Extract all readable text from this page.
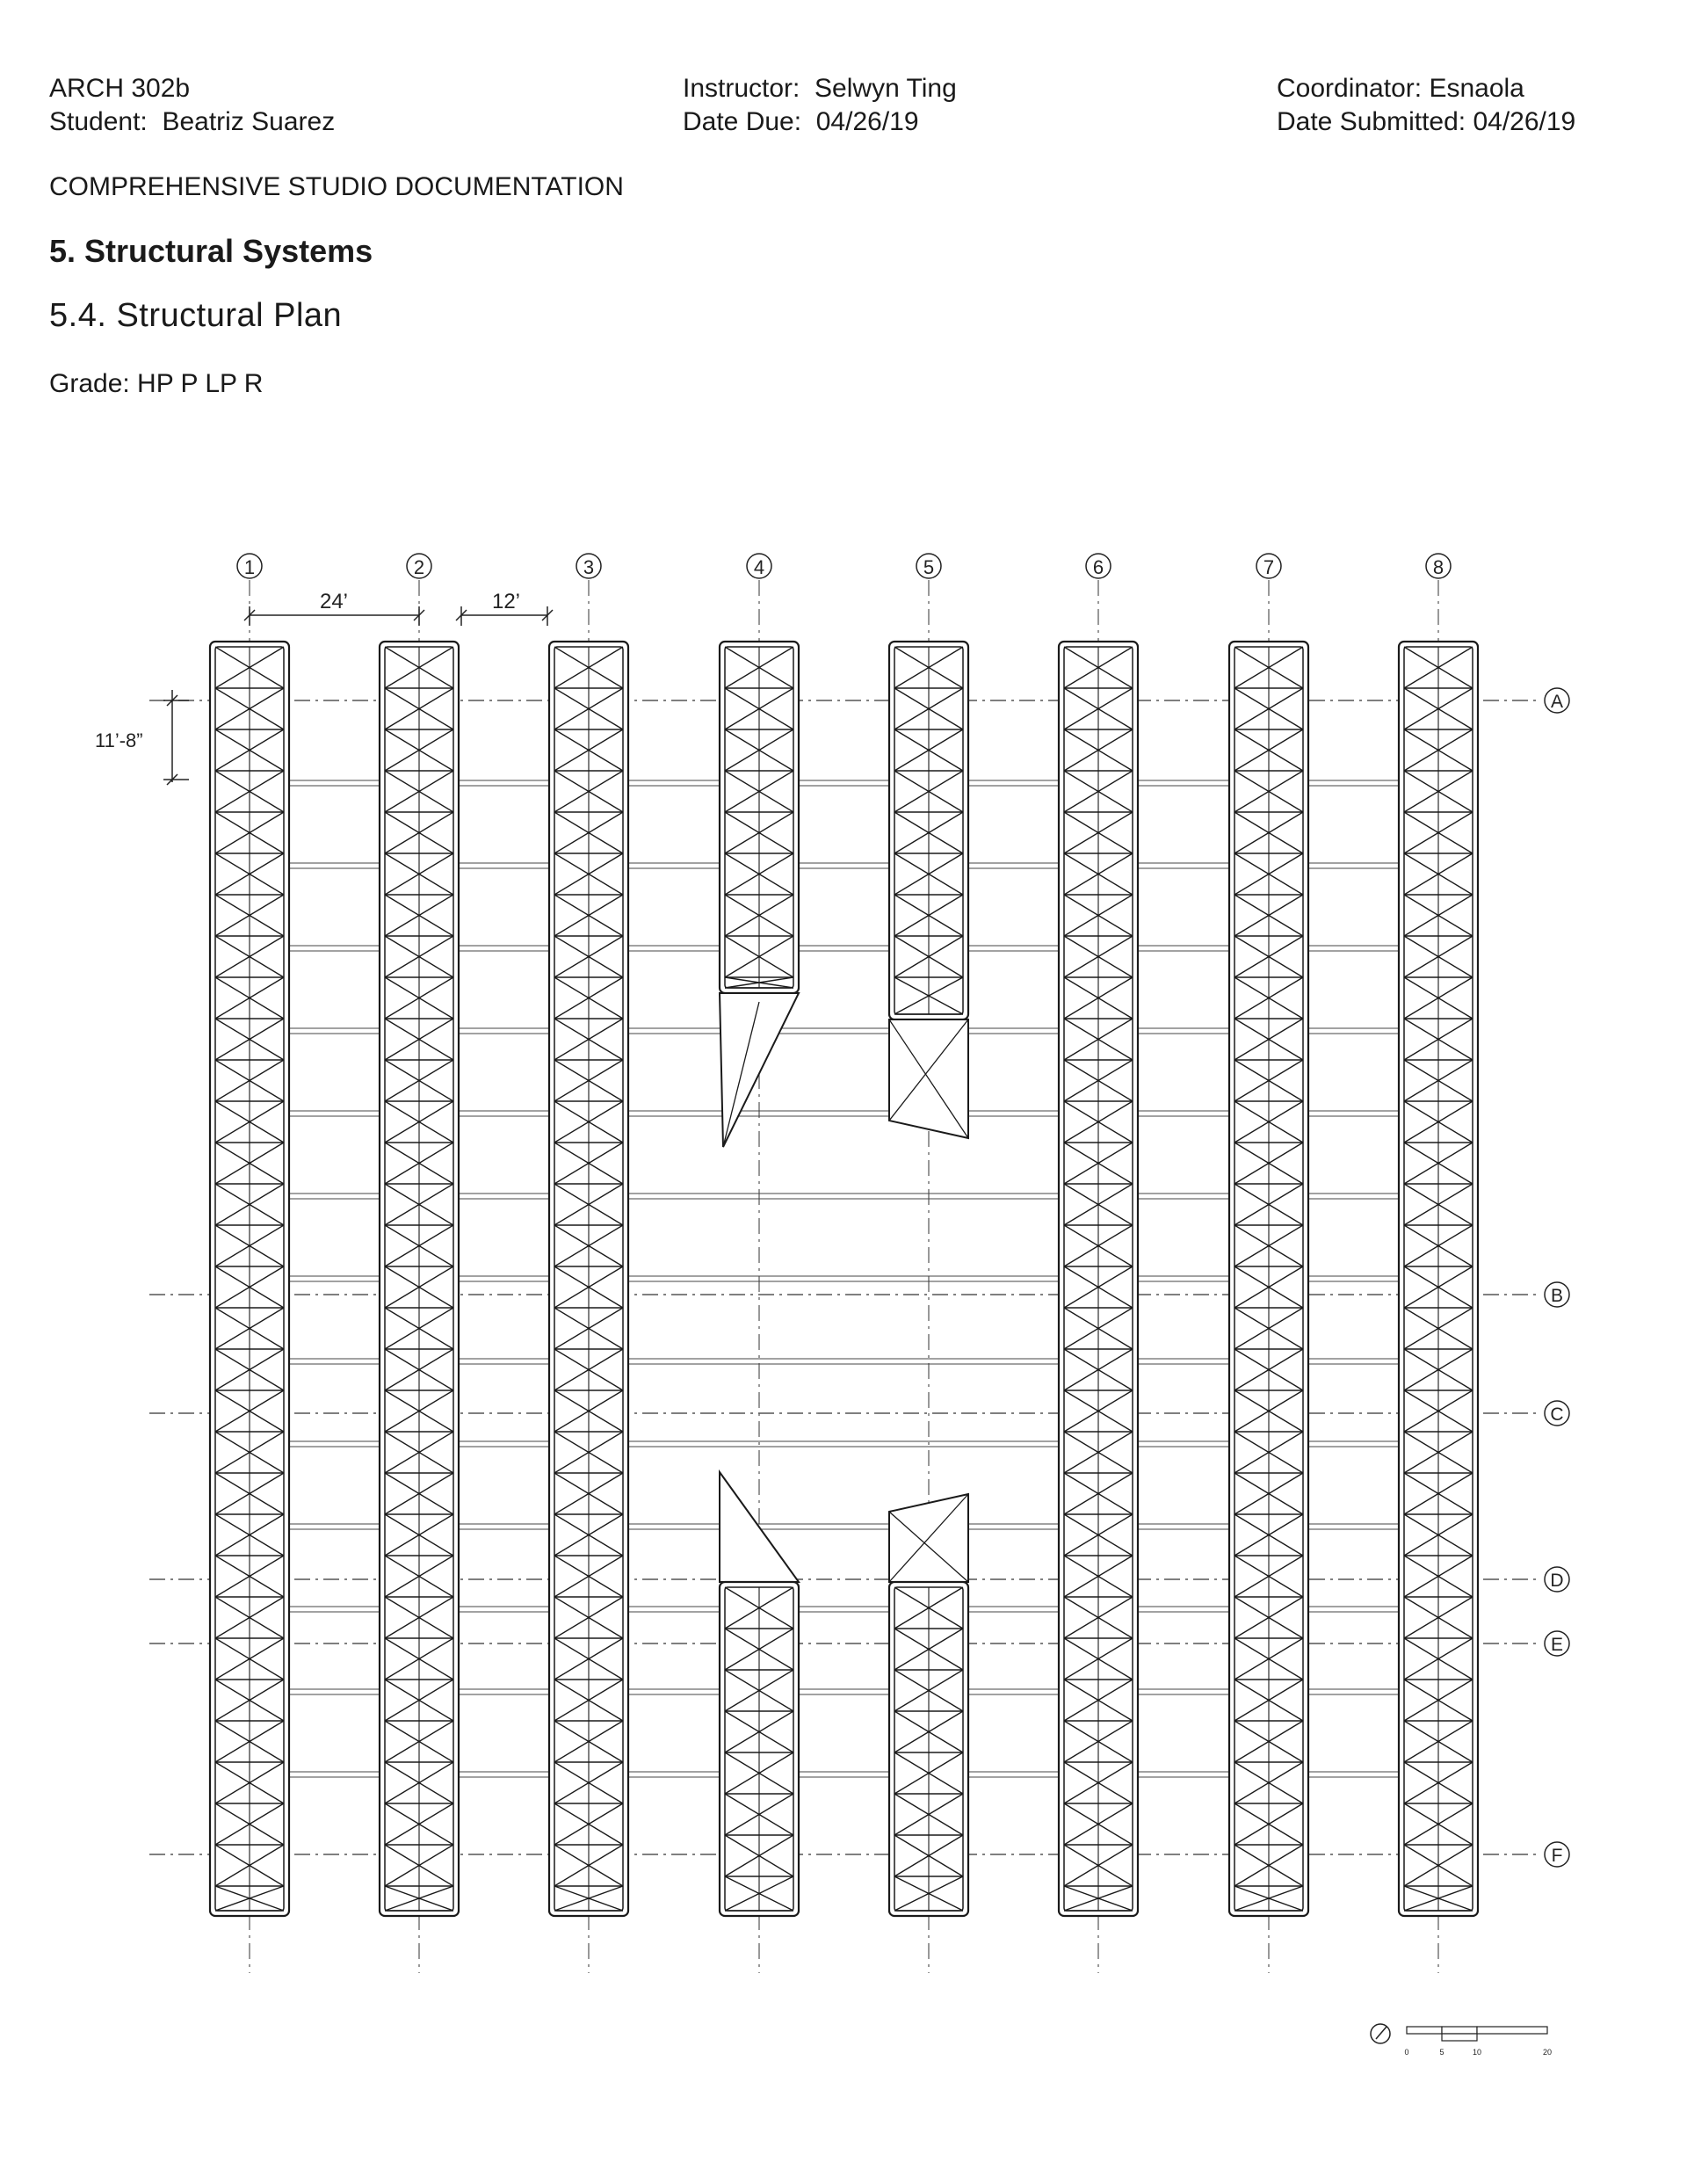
ARCH 302b
Student: Beatriz Suarez
Instructor: Selwyn Ting
Date Due: 04/26/19
Coordinator: Esnaola
Date Submitted: 04/26/19
COMPREHENSIVE STUDIO DOCUMENTATION
5. Structural Systems
5.4. Structural Plan
Grade: HP P LP R
1	2	3	4	5	6	7	8
A
B
C
D
E
F
24’	12’
11’-8”
0	5	10	20
